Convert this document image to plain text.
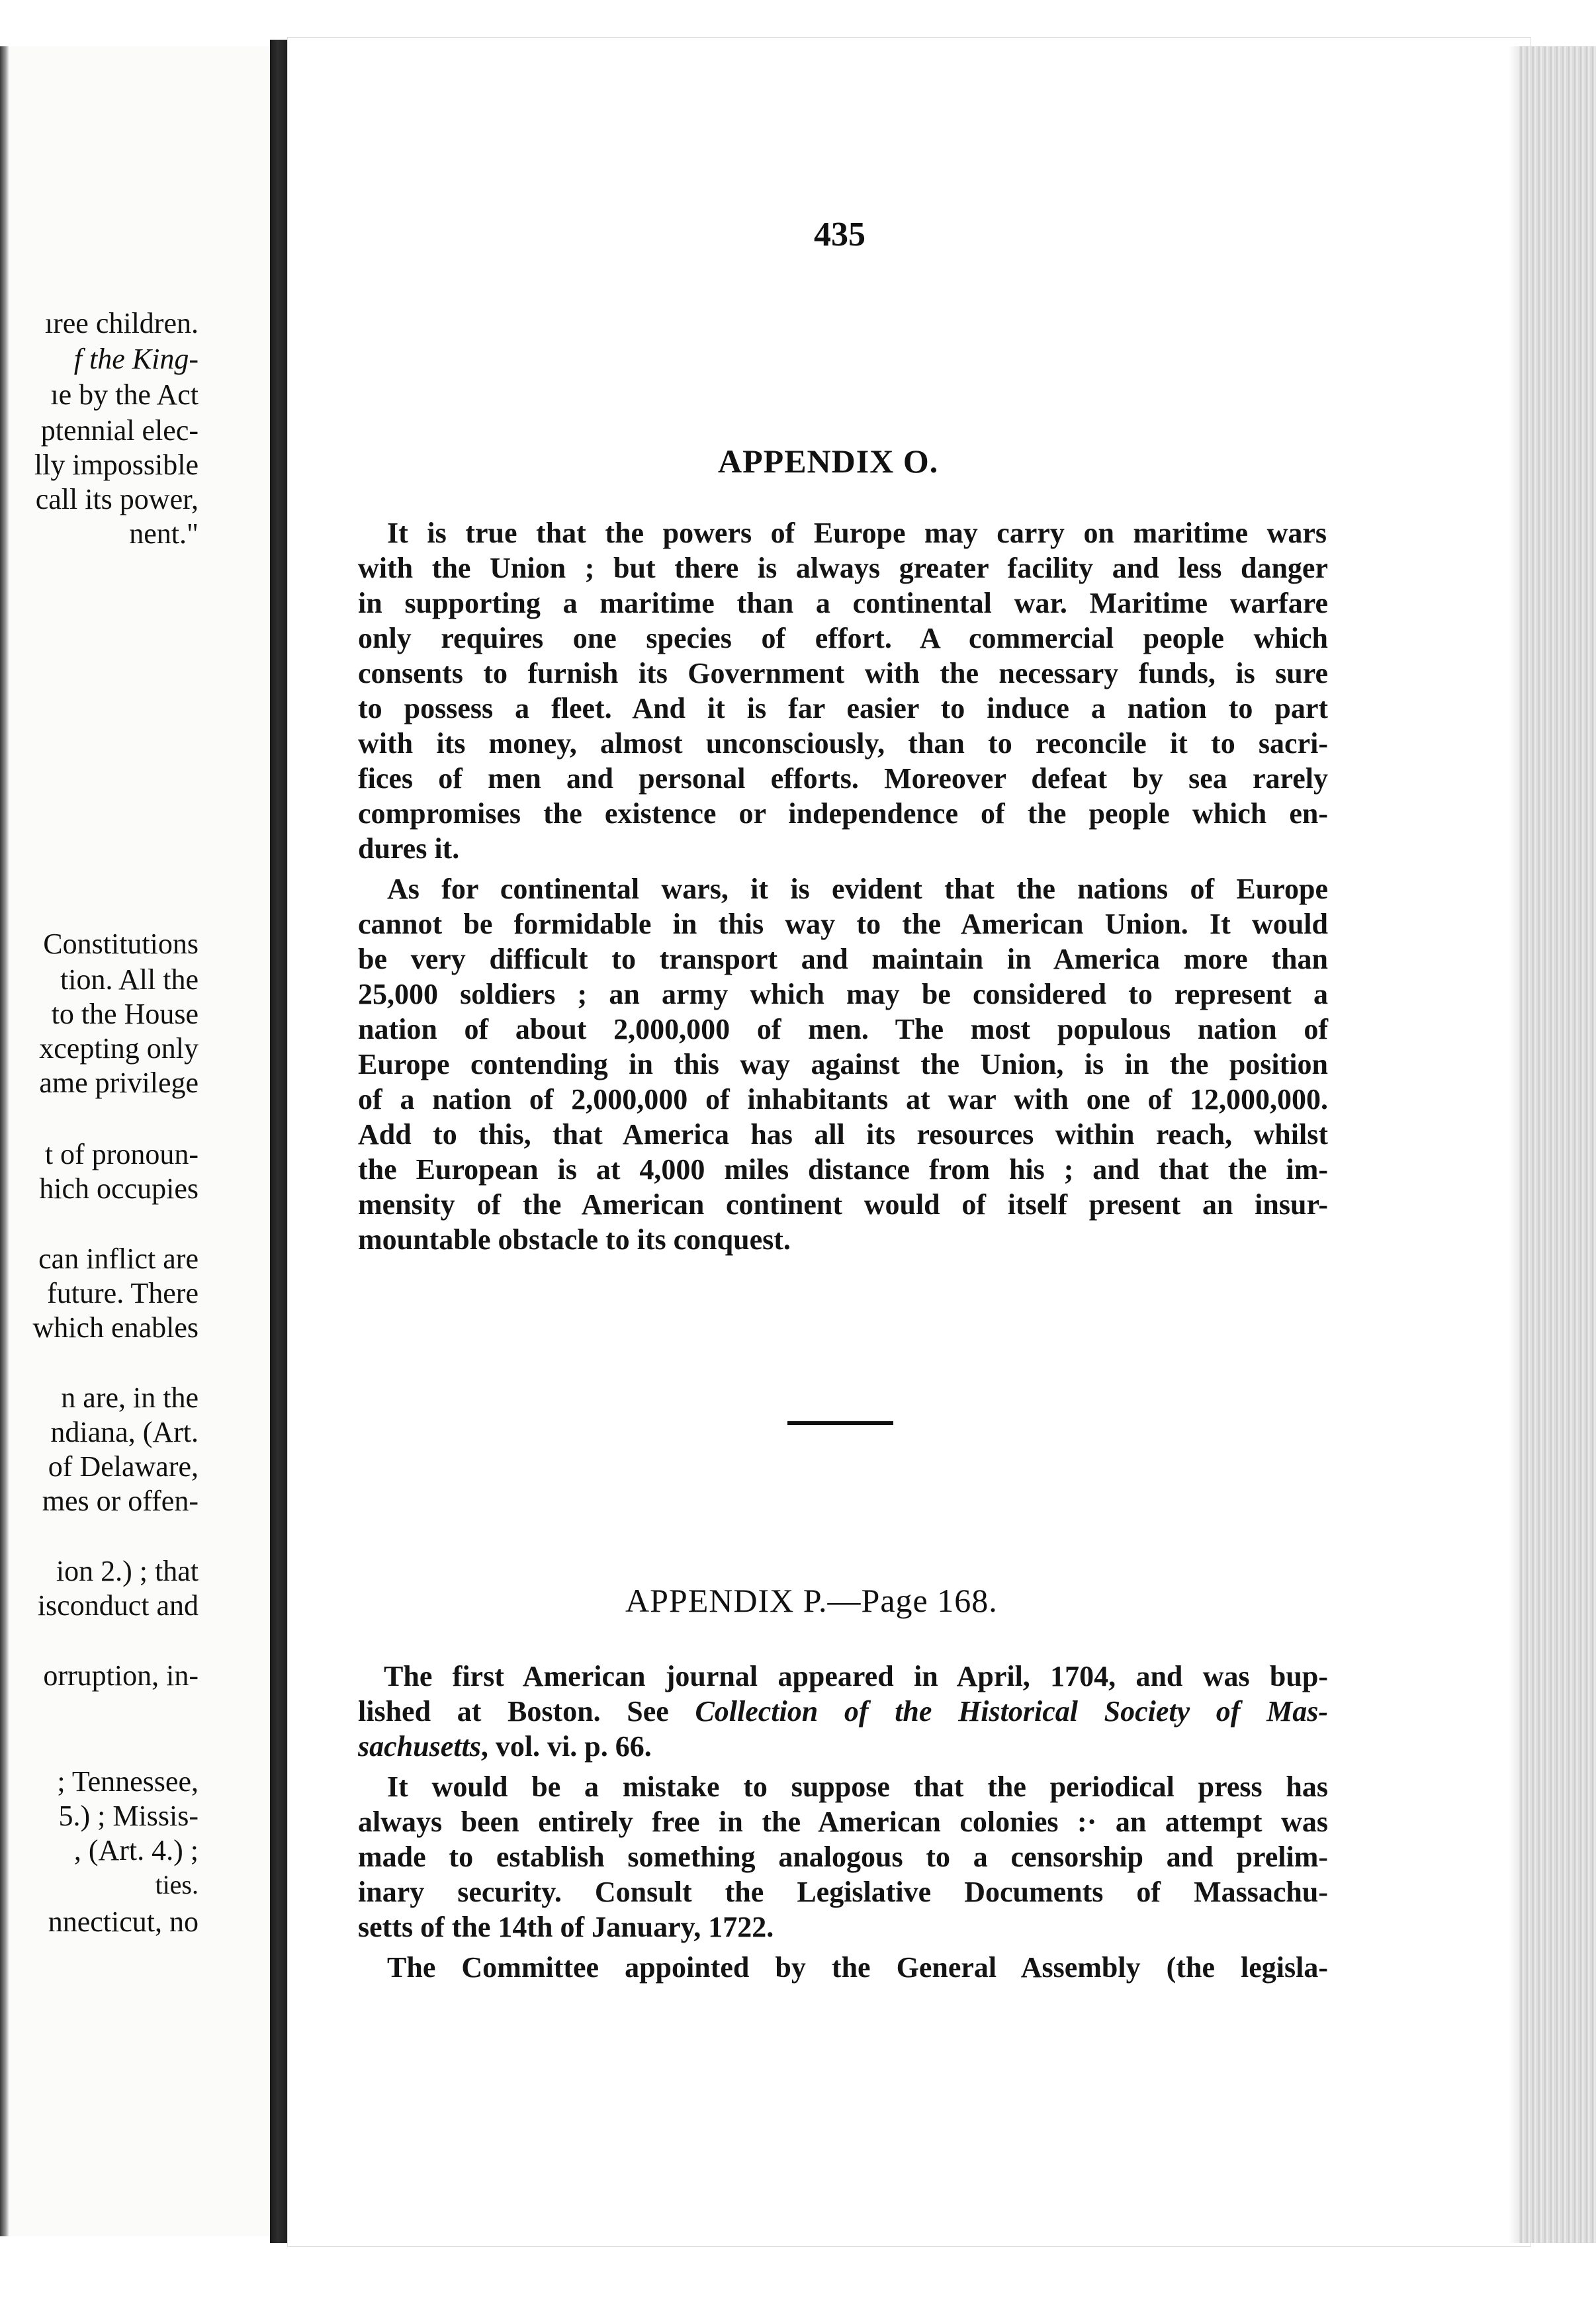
ıree children.
f the King-
ıe by the Act
ptennial elec-
lly impossible
call its power,
nent."
Constitutions
tion. All the
to the House
xcepting only
ame privilege
t of pronoun-
hich occupies
can inflict are
future. There
which enables
n are, in the
ndiana, (Art.
of Delaware,
mes or offen-
ion 2.) ; that
isconduct and
orruption, in-
; Tennessee,
5.) ; Missis-
, (Art. 4.) ;
ties.
nnecticut, no
435
APPENDIX O.
It is true that the powers of Europe may carry on maritime wars
with the Union ; but there is always greater facility and less danger
in supporting a maritime than a continental war. Maritime warfare
only requires one species of effort. A commercial people which
consents to furnish its Government with the necessary funds, is sure
to possess a fleet. And it is far easier to induce a nation to part
with its money, almost unconsciously, than to reconcile it to sacri-
fices of men and personal efforts. Moreover defeat by sea rarely
compromises the existence or independence of the people which en-
dures it.
As for continental wars, it is evident that the nations of Europe
cannot be formidable in this way to the American Union. It would
be very difficult to transport and maintain in America more than
25,000 soldiers ; an army which may be considered to represent a
nation of about 2,000,000 of men. The most populous nation of
Europe contending in this way against the Union, is in the position
of a nation of 2,000,000 of inhabitants at war with one of 12,000,000.
Add to this, that America has all its resources within reach, whilst
the European is at 4,000 miles distance from his ; and that the im-
mensity of the American continent would of itself present an insur-
mountable obstacle to its conquest.
APPENDIX P.—Page 168.
The first American journal appeared in April, 1704, and was bup-
lished at Boston. See Collection of the Historical Society of Mas-
sachusetts, vol. vi. p. 66.
It would be a mistake to suppose that the periodical press has
always been entirely free in the American colonies :· an attempt was
made to establish something analogous to a censorship and prelim-
inary security. Consult the Legislative Documents of Massachu-
setts of the 14th of January, 1722.
The Committee appointed by the General Assembly (the legisla-
